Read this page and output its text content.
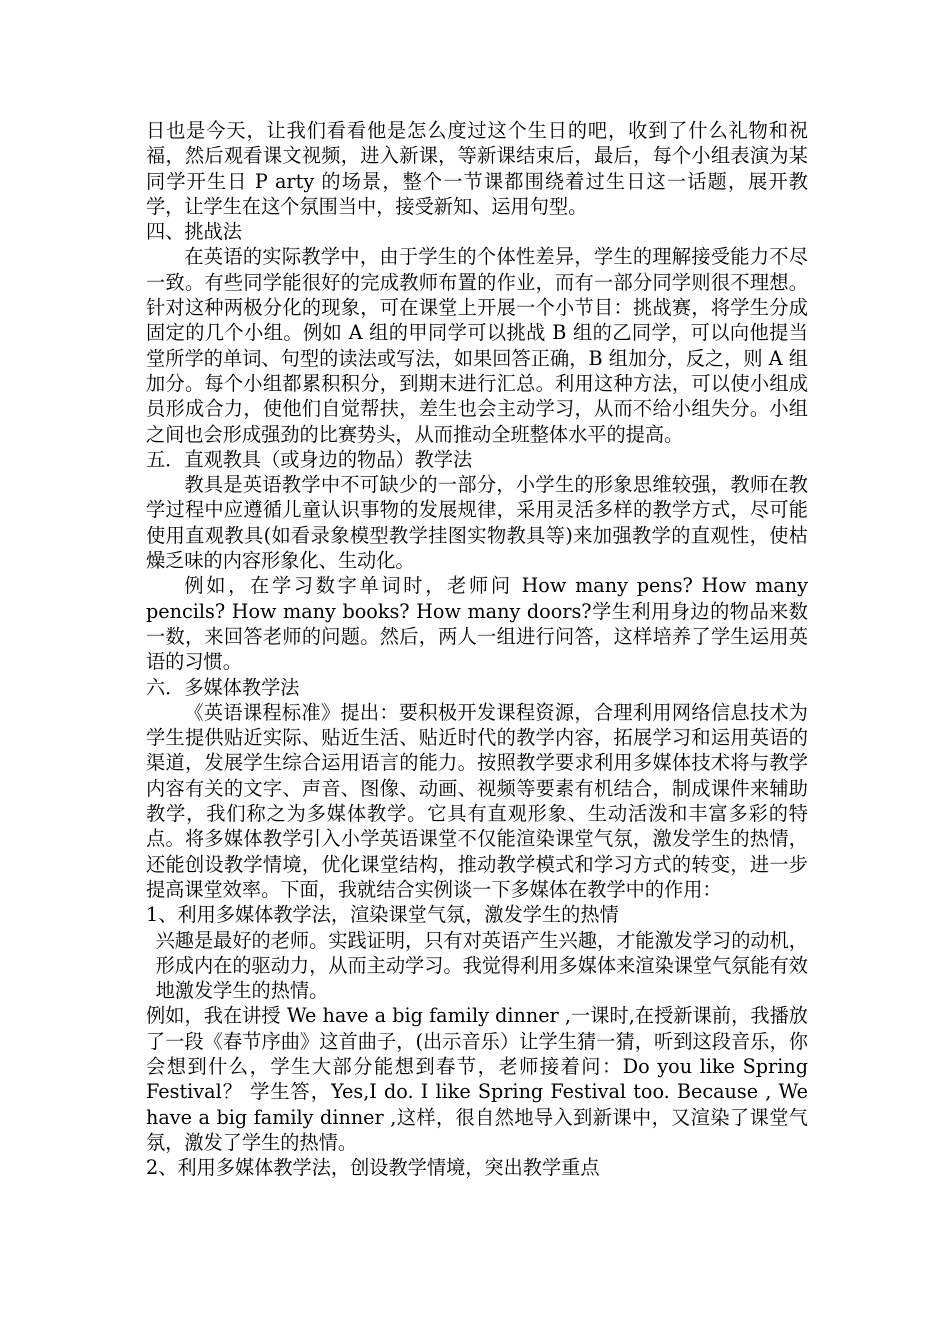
日也是今天，让我们看看他是怎么度过这个生日的吧，收到了什么礼物和祝福，然后观看课文视频，进入新课，等新课结束后，最后，每个小组表演为某同学开生日 P arty 的场景，整个一节课都围绕着过生日这一话题，展开教学，让学生在这个氛围当中，接受新知、运用句型。

四、挑战法

在英语的实际教学中，由于学生的个体性差异，学生的理解接受能力不尽一致。有些同学能很好的完成教师布置的作业，而有一部分同学则很不理想。针对这种两极分化的现象，可在课堂上开展一个小节目：挑战赛，将学生分成固定的几个小组。例如 A 组的甲同学可以挑战 B 组的乙同学，可以向他提当堂所学的单词、句型的读法或写法，如果回答正确，B 组加分，反之，则 A 组加分。每个小组都累积积分，到期末进行汇总。利用这种方法，可以使小组成员形成合力，使他们自觉帮扶，差生也会主动学习，从而不给小组失分。小组之间也会形成强劲的比赛势头，从而推动全班整体水平的提高。

五．直观教具（或身边的物品）教学法

教具是英语教学中不可缺少的一部分，小学生的形象思维较强，教师在教学过程中应遵循儿童认识事物的发展规律，采用灵活多样的教学方式，尽可能使用直观教具(如看录象模型教学挂图实物教具等)来加强教学的直观性，使枯燥乏味的内容形象化、生动化。

例如，在学习数字单词时，老师问 How many pens? How many pencils? How many books? How many doors?学生利用身边的物品来数一数，来回答老师的问题。然后，两人一组进行问答，这样培养了学生运用英语的习惯。

六．多媒体教学法

《英语课程标准》提出：要积极开发课程资源，合理利用网络信息技术为学生提供贴近实际、贴近生活、贴近时代的教学内容，拓展学习和运用英语的渠道，发展学生综合运用语言的能力。按照教学要求利用多媒体技术将与教学内容有关的文字、声音、图像、动画、视频等要素有机结合，制成课件来辅助教学，我们称之为多媒体教学。它具有直观形象、生动活泼和丰富多彩的特点。将多媒体教学引入小学英语课堂不仅能渲染课堂气氛，激发学生的热情，还能创设教学情境，优化课堂结构，推动教学模式和学习方式的转变，进一步提高课堂效率。下面，我就结合实例谈一下多媒体在教学中的作用：

1、利用多媒体教学法，渲染课堂气氛，激发学生的热情

兴趣是最好的老师。实践证明，只有对英语产生兴趣，才能激发学习的动机，形成内在的驱动力，从而主动学习。我觉得利用多媒体来渲染课堂气氛能有效地激发学生的热情。

例如，我在讲授 We have a big family dinner ,一课时,在授新课前，我播放了一段《春节序曲》这首曲子，(出示音乐）让学生猜一猜，听到这段音乐，你会想到什么，学生大部分能想到春节，老师接着问：Do you like Spring Festival？ 学生答，Yes,I do. I like Spring Festival too. Because , We have a big family dinner ,这样，很自然地导入到新课中，又渲染了课堂气氛，激发了学生的热情。

2、利用多媒体教学法，创设教学情境，突出教学重点
